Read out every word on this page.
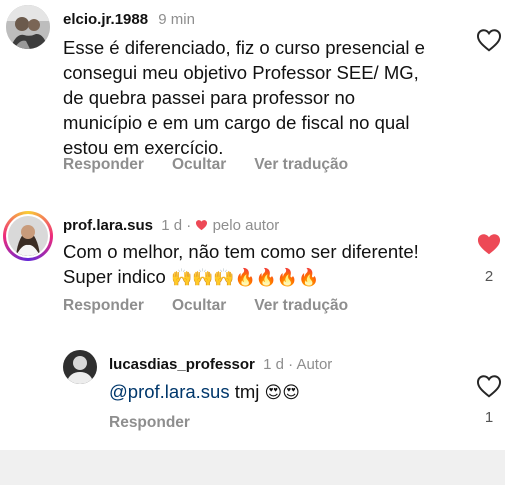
elcio.jr.1988 9 min
Esse é diferenciado, fiz o curso presencial e consegui meu objetivo Professor SEE/ MG, de quebra passei para professor no município e em um cargo de fiscal no qual estou em exercício.
Responder Ocultar Ver tradução
prof.lara.sus 1 d · pelo autor
Com o melhor, não tem como ser diferente! Super indico 🙌🙌🙌🔥🔥🔥🔥
Responder Ocultar Ver tradução
2
lucasdias_professor 1 d · Autor
@prof.lara.sus tmj 😍😍
Responder	1
